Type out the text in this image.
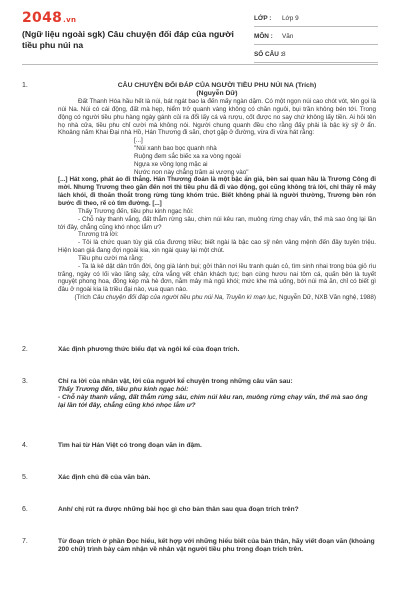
2048.vn
(Ngữ liệu ngoài sgk) Câu chuyện đối đáp của người tiều phu núi na
LỚP : Lớp 9
MÔN : Văn
SỐ CÂU : 8
1.	CÂU CHUYỆN ĐỐI ĐÁP CỦA NGƯỜI TIỀU PHU NÚI NA (Trích)

(Nguyễn Dữ)

Đất Thanh Hóa hầu hết là núi, bát ngát bao la đến mấy ngàn dặm. Có một ngọn núi cao chót vót, tên gọi là núi Na. Núi có cái động, đất mà hẹp, hiểm trở quanh vàng không có chăn nguôi, bụi trần không bén tới. Trong động có người tiều phu hàng ngày gánh củi ra đổi lấy cá và rượu, cốt được no say chứ không lấy tiền. Ai hỏi tên họ nhà cửa, tiều phu chỉ cười mà không nói. Người chung quanh đều cho rằng đấy phải là bậc kỳ sỹ ở ẩn. Khoảng năm Khai Đại nhà Hồ, Hán Thương đi săn, chợt gặp ở đường, vừa đi vừa hát rằng:

[...]

"Núi xanh bao bọc quanh nhà

Ruộng đem sắc biếc xa xa vòng ngoài

Ngựa xe vồng lọng mặc ai

Nước non này chẳng trăm ai vương vào"

[...] Hát xong, phát áo đi thẳng. Hán Thương đoán là một bậc ẩn giả, bèn sai quan hầu là Trương Công đi mời. Nhưng Trương theo gần đến nơi thì tiều phu đã đi vào động, gọi cũng không trả lời, chỉ thấy rẽ mây lách khói, đi thoăn thoắt trong rừng tùng khóm trúc. Biết không phải là người thường, Trương bèn rón bước đi theo, rẽ cỏ tìm đường. [...]

Thấy Trương đến, tiều phu kinh ngạc hỏi:

- Chỗ này thanh vắng, đất thẳm rừng sâu, chim núi kêu ran, muông rừng chạy vẩn, thế mà sao ông lại lần tới đây, chẳng cũng khó nhọc lắm ư?

Trương trả lời:

- Tôi là chức quan tùy giá của đương triều; biết ngài là bậc cao sỹ nên vâng mệnh đến đây tuyên triệu. Hiện loan giá đang đợi ngoài kia, xin ngài quay lại một chút.

Tiều phu cười mà rằng:

- Ta là kẻ dật dân trốn đời, ông già lánh bụi; gởi thân nơi lều tranh quán cỏ, tìm sinh nhai trong búa giỏ rìu trăng, ngày có lối vào lãng sây, cửa vắng vết chân khách tục; bạn cùng hươu nai tôm cá, quấn bên là tuyết nguyệt phong hoa, đồng kép mà hè đơn, nằm mây mà ngủ khói; mức khe mà uống, bới núi mà ăn, chỉ có biết gì đâu ở ngoài kia là triều đại nào, vua quan nào.

(Trích Câu chuyện đối đáp của người tiều phu núi Na, Truyền kì mạn lục, Nguyễn Dữ, NXB Văn nghệ, 1988)

2.	Xác định phương thức biểu đạt và ngôi kể của đoạn trích.
3.	Chỉ ra lời của nhân vật, lời của người kể chuyện trong những câu văn sau:
Thấy Trương đến, tiều phu kinh ngạc hỏi:
- Chỗ này thanh vắng, đất thẳm rừng sâu, chim núi kêu ran, muông rừng chạy vẩn, thế mà sao ông lại lần tới đây, chẳng cũng khó nhọc lắm ư?
4.	Tìm hai từ Hán Việt có trong đoạn văn in đậm.
5.	Xác định chủ đề của văn bản.
6.	Anh/ chị rút ra được những bài học gì cho bản thân sau qua đoạn trích trên?
7.	Từ đoạn trích ở phần Đọc hiểu, kết hợp với những hiểu biết của bản thân, hãy viết đoạn văn (khoảng 200 chữ) trình bày cảm nhận về nhân vật người tiều phu trong đoạn trích trên.
